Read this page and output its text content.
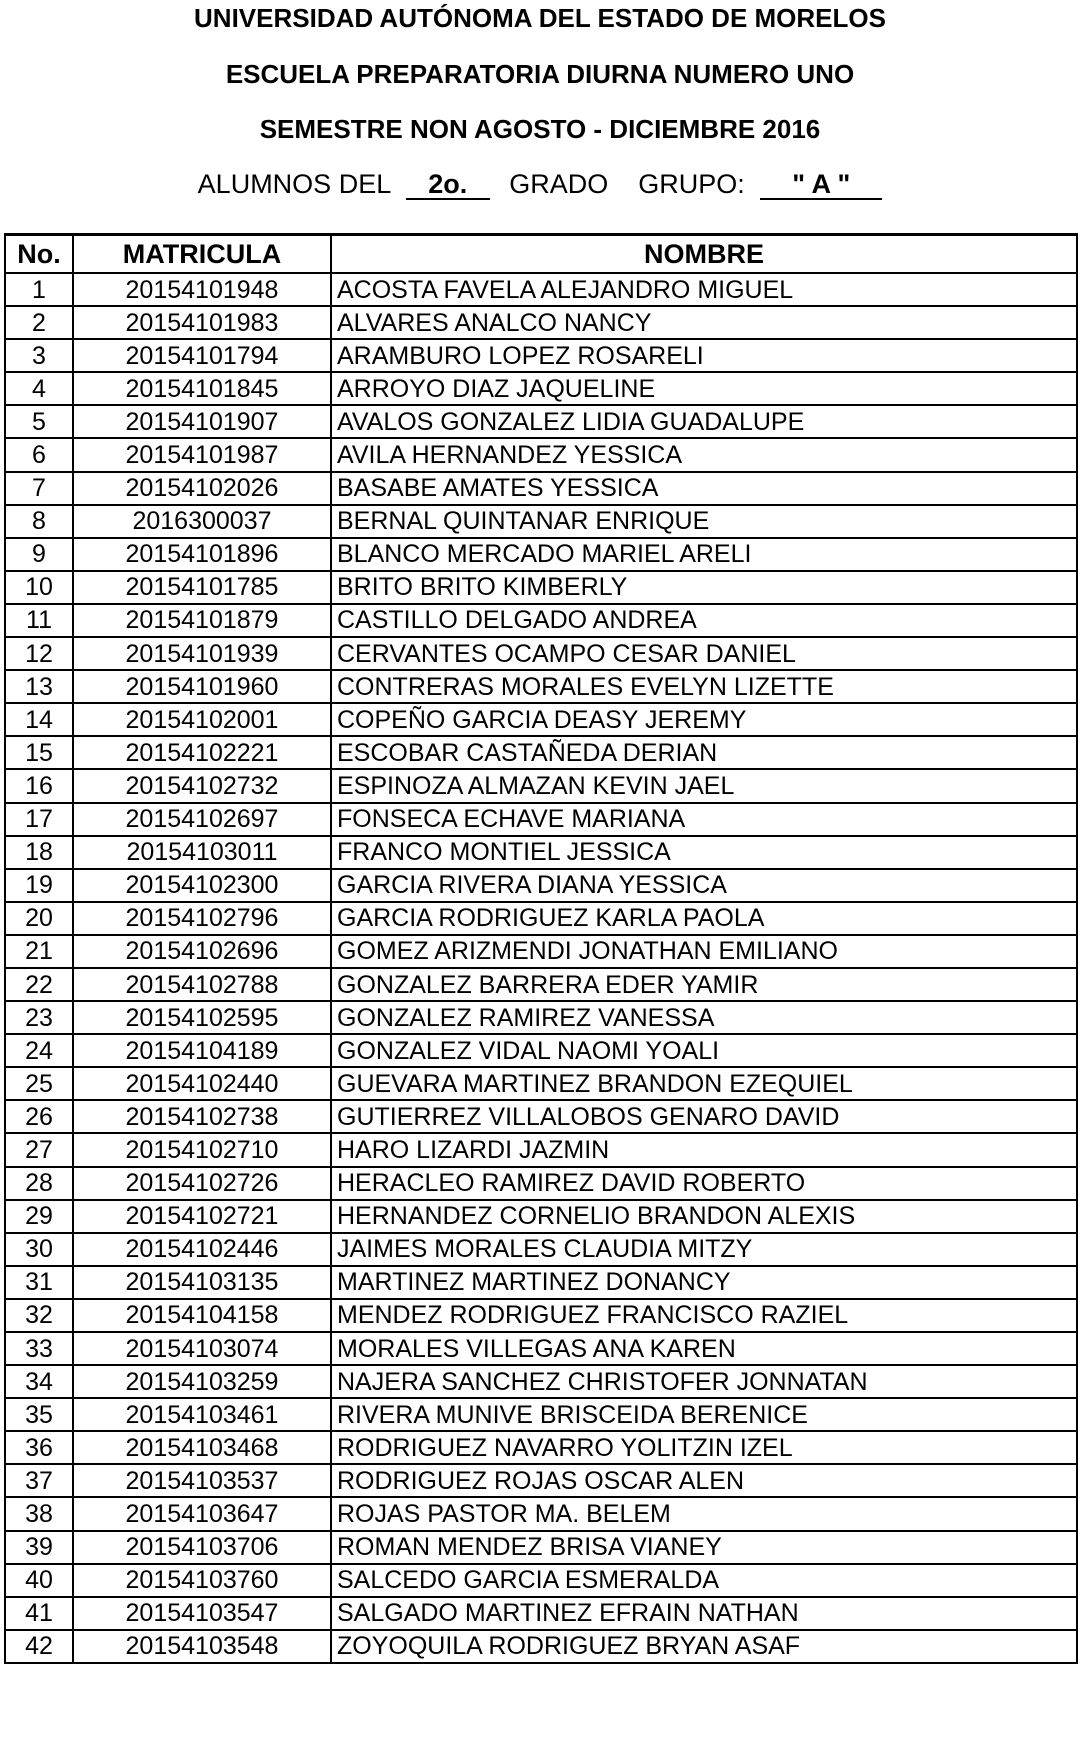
UNIVERSIDAD AUTÓNOMA DEL ESTADO DE MORELOS
ESCUELA PREPARATORIA DIURNA NUMERO UNO
SEMESTRE NON AGOSTO - DICIEMBRE 2016
ALUMNOS DEL 2o. GRADO GRUPO: " A "
No.	MATRICULA	NOMBRE
1	20154101948	ACOSTA FAVELA ALEJANDRO MIGUEL
2	20154101983	ALVARES ANALCO NANCY
3	20154101794	ARAMBURO LOPEZ ROSARELI
4	20154101845	ARROYO DIAZ JAQUELINE
5	20154101907	AVALOS GONZALEZ LIDIA GUADALUPE
6	20154101987	AVILA HERNANDEZ YESSICA
7	20154102026	BASABE AMATES YESSICA
8	2016300037	BERNAL QUINTANAR ENRIQUE
9	20154101896	BLANCO MERCADO MARIEL ARELI
10	20154101785	BRITO BRITO KIMBERLY
11	20154101879	CASTILLO DELGADO ANDREA
12	20154101939	CERVANTES OCAMPO CESAR DANIEL
13	20154101960	CONTRERAS MORALES EVELYN LIZETTE
14	20154102001	COPEÑO GARCIA DEASY JEREMY
15	20154102221	ESCOBAR CASTAÑEDA DERIAN
16	20154102732	ESPINOZA ALMAZAN KEVIN JAEL
17	20154102697	FONSECA ECHAVE MARIANA
18	20154103011	FRANCO MONTIEL JESSICA
19	20154102300	GARCIA RIVERA DIANA YESSICA
20	20154102796	GARCIA RODRIGUEZ KARLA PAOLA
21	20154102696	GOMEZ ARIZMENDI JONATHAN EMILIANO
22	20154102788	GONZALEZ BARRERA EDER YAMIR
23	20154102595	GONZALEZ RAMIREZ VANESSA
24	20154104189	GONZALEZ VIDAL NAOMI YOALI
25	20154102440	GUEVARA MARTINEZ BRANDON EZEQUIEL
26	20154102738	GUTIERREZ VILLALOBOS GENARO DAVID
27	20154102710	HARO LIZARDI JAZMIN
28	20154102726	HERACLEO RAMIREZ DAVID ROBERTO
29	20154102721	HERNANDEZ CORNELIO BRANDON ALEXIS
30	20154102446	JAIMES MORALES CLAUDIA MITZY
31	20154103135	MARTINEZ MARTINEZ DONANCY
32	20154104158	MENDEZ RODRIGUEZ FRANCISCO RAZIEL
33	20154103074	MORALES VILLEGAS ANA KAREN
34	20154103259	NAJERA SANCHEZ CHRISTOFER JONNATAN
35	20154103461	RIVERA MUNIVE BRISCEIDA BERENICE
36	20154103468	RODRIGUEZ NAVARRO YOLITZIN IZEL
37	20154103537	RODRIGUEZ ROJAS OSCAR ALEN
38	20154103647	ROJAS PASTOR MA. BELEM
39	20154103706	ROMAN MENDEZ BRISA VIANEY
40	20154103760	SALCEDO GARCIA ESMERALDA
41	20154103547	SALGADO MARTINEZ EFRAIN NATHAN
42	20154103548	ZOYOQUILA RODRIGUEZ BRYAN ASAF
